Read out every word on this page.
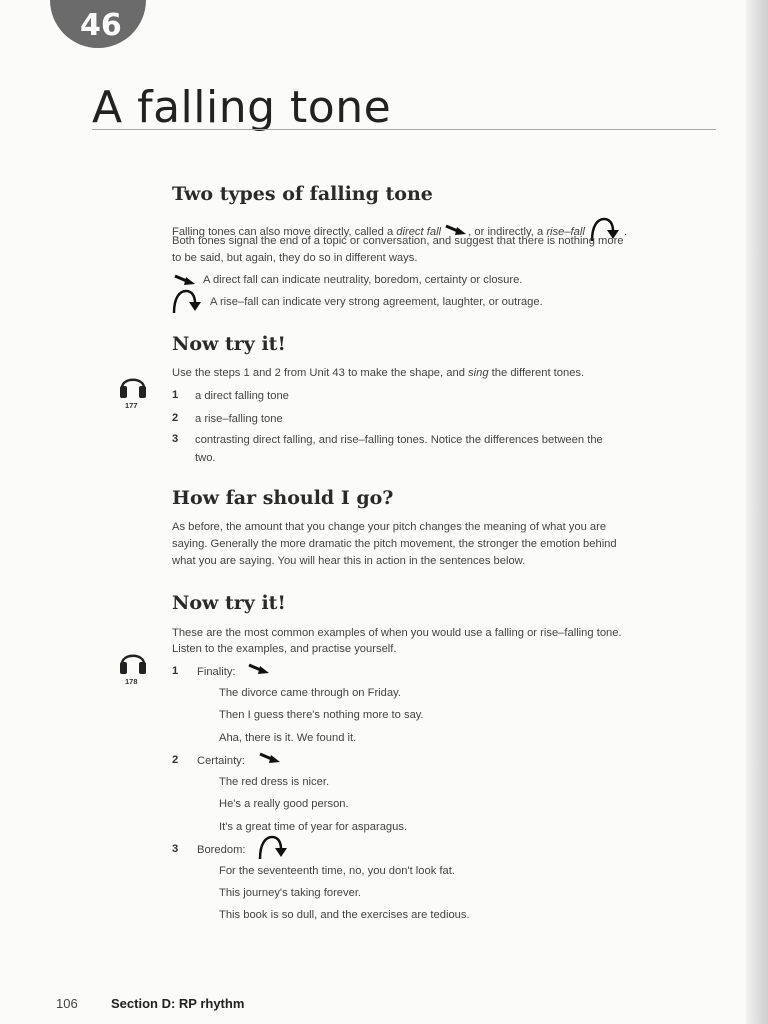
46
A falling tone
Two types of falling tone
Falling tones can also move directly, called a direct fall , or indirectly, a rise–fall	.
Both tones signal the end of a topic or conversation, and suggest that there is nothing more
to be said, but again, they do so in different ways.
A direct fall can indicate neutrality, boredom, certainty or closure.
A rise–fall can indicate very strong agreement, laughter, or outrage.
Now try it!
177
Use the steps 1 and 2 from Unit 43 to make the shape, and sing the different tones.
1 a direct falling tone
2 a rise–falling tone
3 contrasting direct falling, and rise–falling tones. Notice the differences between the
two.
How far should I go?
As before, the amount that you change your pitch changes the meaning of what you are
saying. Generally the more dramatic the pitch movement, the stronger the emotion behind
what you are saying. You will hear this in action in the sentences below.
Now try it!
These are the most common examples of when you would use a falling or rise–falling tone.
Listen to the examples, and practise yourself.
178
1 Finality:
The divorce came through on Friday.
Then I guess there's nothing more to say.
Aha, there is it. We found it.
2 Certainty:
The red dress is nicer.
He's a really good person.
It's a great time of year for asparagus.
3 Boredom:
For the seventeenth time, no, you don't look fat.
This journey's taking forever.
This book is so dull, and the exercises are tedious.
106	Section D: RP rhythm
